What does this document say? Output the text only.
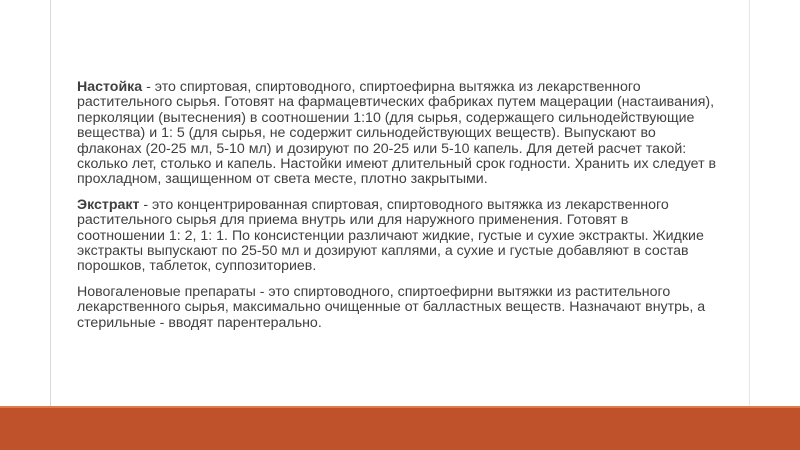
Настойка - это спиртовая, спиртоводного, спиртоефирна вытяжка из лекарственного растительного сырья. Готовят на фармацевтических фабриках путем мацерации (настаивания), перколяции (вытеснения) в соотношении 1:10 (для сырья, содержащего сильнодействующие вещества) и 1: 5 (для сырья, не содержит сильнодействующих веществ). Выпускают во флаконах (20-25 мл, 5-10 мл) и дозируют по 20-25 или 5-10 капель. Для детей расчет такой: сколько лет, столько и капель. Настойки имеют длительный срок годности. Хранить их следует в прохладном, защищенном от света месте, плотно закрытыми.

Экстракт - это концентрированная спиртовая, спиртоводного вытяжка из лекарственного растительного сырья для приема внутрь или для наружного применения. Готовят в соотношении 1: 2, 1: 1. По консистенции различают жидкие, густые и сухие экстракты. Жидкие экстракты выпускают по 25-50 мл и дозируют каплями, а сухие и густые добавляют в состав порошков, таблеток, суппозиториев.

Новогаленовые препараты - это спиртоводного, спиртоефирни вытяжки из растительного лекарственного сырья, максимально очищенные от балластных веществ. Назначают внутрь, а стерильные - вводят парентерально.
